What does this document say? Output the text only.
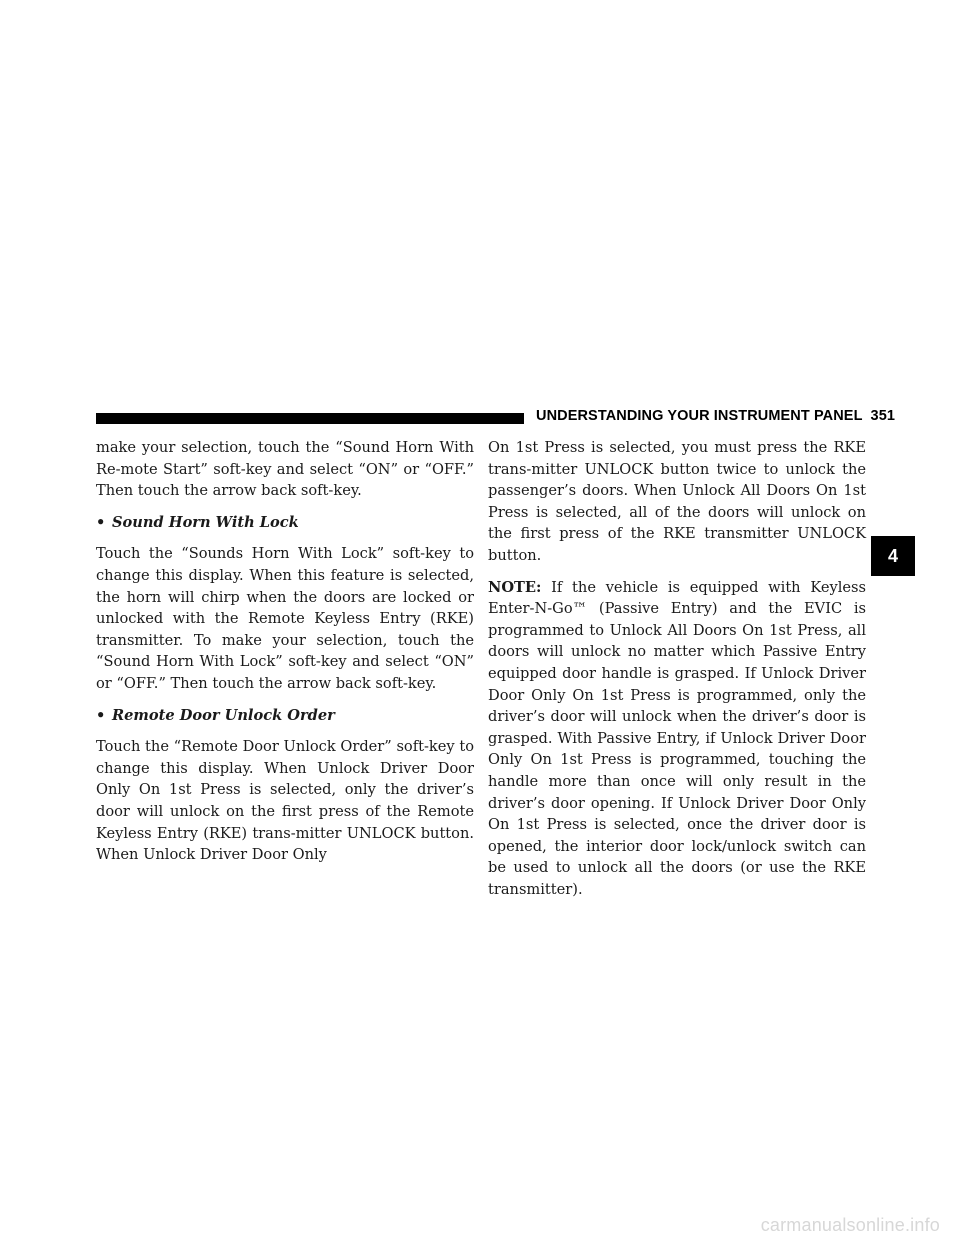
UNDERSTANDING YOUR INSTRUMENT PANEL 351
4

make your selection, touch the “Sound Horn With Re-mote Start” soft-key and select “ON” or “OFF.” Then touch the arrow back soft-key.

• Sound Horn With Lock

Touch the “Sounds Horn With Lock” soft-key to change this display. When this feature is selected, the horn will chirp when the doors are locked or unlocked with the Remote Keyless Entry (RKE) transmitter. To make your selection, touch the “Sound Horn With Lock” soft-key and select “ON” or “OFF.” Then touch the arrow back soft-key.

• Remote Door Unlock Order

Touch the “Remote Door Unlock Order” soft-key to change this display. When Unlock Driver Door Only On 1st Press is selected, only the driver’s door will unlock on the first press of the Remote Keyless Entry (RKE) trans-mitter UNLOCK button. When Unlock Driver Door Only

On 1st Press is selected, you must press the RKE trans-mitter UNLOCK button twice to unlock the passenger’s doors. When Unlock All Doors On 1st Press is selected, all of the doors will unlock on the first press of the RKE transmitter UNLOCK button.

NOTE: If the vehicle is equipped with Keyless Enter-N-Go™ (Passive Entry) and the EVIC is programmed to Unlock All Doors On 1st Press, all doors will unlock no matter which Passive Entry equipped door handle is grasped. If Unlock Driver Door Only On 1st Press is programmed, only the driver’s door will unlock when the driver’s door is grasped. With Passive Entry, if Unlock Driver Door Only On 1st Press is programmed, touching the handle more than once will only result in the driver’s door opening. If Unlock Driver Door Only On 1st Press is selected, once the driver door is opened, the interior door lock/unlock switch can be used to unlock all the doors (or use the RKE transmitter).

carmanualsonline.info
